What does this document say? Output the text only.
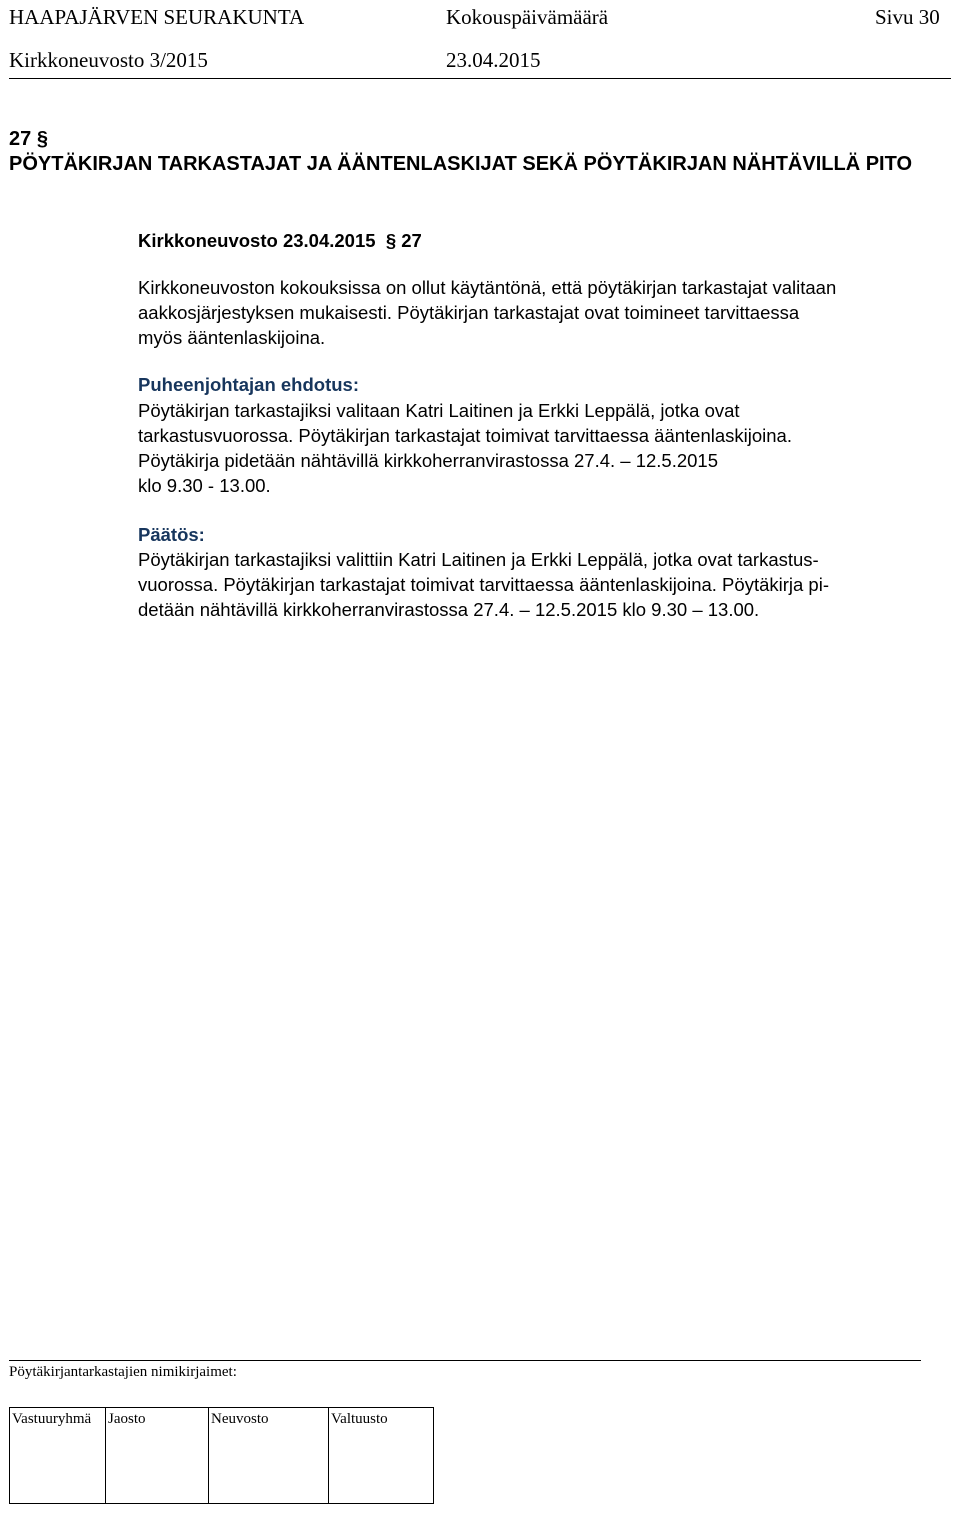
HAAPAJÄRVEN SEURAKUNTA	Kokouspäivämäärä	Sivu 30
Kirkkoneuvosto 3/2015	23.04.2015
27 §
PÖYTÄKIRJAN TARKASTAJAT JA ÄÄNTENLASKIJAT SEKÄ PÖYTÄKIRJAN NÄHTÄVILLÄ PITO
Kirkkoneuvosto 23.04.2015 § 27
Kirkkoneuvoston kokouksissa on ollut käytäntönä, että pöytäkirjan tarkastajat valitaan
aakkosjärjestyksen mukaisesti. Pöytäkirjan tarkastajat ovat toimineet tarvittaessa
myös ääntenlaskijoina.
Puheenjohtajan ehdotus:
Pöytäkirjan tarkastajiksi valitaan Katri Laitinen ja Erkki Leppälä, jotka ovat
tarkastusvuorossa. Pöytäkirjan tarkastajat toimivat tarvittaessa ääntenlaskijoina.
Pöytäkirja pidetään nähtävillä kirkkoherranvirastossa 27.4. – 12.5.2015
klo 9.30 - 13.00.
Päätös:
Pöytäkirjan tarkastajiksi valittiin Katri Laitinen ja Erkki Leppälä, jotka ovat tarkastus-
vuorossa. Pöytäkirjan tarkastajat toimivat tarvittaessa ääntenlaskijoina. Pöytäkirja pi-
detään nähtävillä kirkkoherranvirastossa 27.4. – 12.5.2015 klo 9.30 – 13.00.
Pöytäkirjantarkastajien nimikirjaimet:
Vastuuryhmä	Jaosto	Neuvosto	Valtuusto
